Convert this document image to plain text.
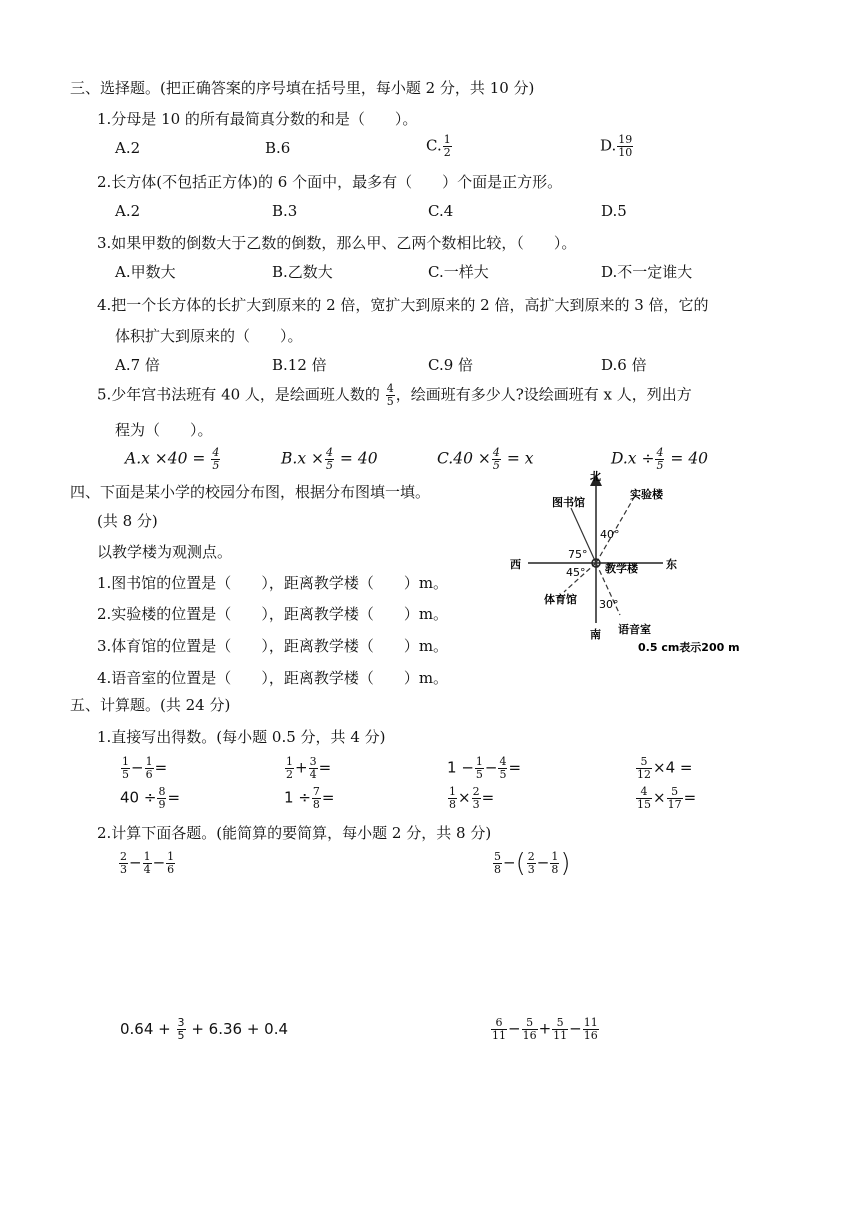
三、选择题。(把正确答案的序号填在括号里，每小题 2 分，共 10 分)
1.分母是 10 的所有最简真分数的和是（　　）。
A.2	B.6	C. $\frac{1}{2}$	D. $\frac{19}{10}$
2.长方体(不包括正方体)的 6 个面中，最多有（　　）个面是正方形。
A.2	B.3	C.4	D.5
3.如果甲数的倒数大于乙数的倒数，那么甲、乙两个数相比较，（　　）。
A.甲数大	B.乙数大	C.一样大	D.不一定谁大
4.把一个长方体的长扩大到原来的 2 倍，宽扩大到原来的 2 倍，高扩大到原来的 3 倍，它的
体积扩大到原来的（　　）。
A.7 倍	B.12 倍	C.9 倍	D.6 倍
5.少年宫书法班有 40 人，是绘画班人数的 $\frac{4}{5}$ ，绘画班有多少人?设绘画班有 x 人，列出方
程为（　　）。
$A.x \times 40 = \frac{4}{5}$	$B.x \times \frac{4}{5} = 40$	$C.40 \times \frac{4}{5} = x$	$D.x \div \frac{4}{5} = 40$
四、下面是某小学的校园分布图，根据分布图填一填。
(共 8 分)
以教学楼为观测点。
1.图书馆的位置是（　　），距离教学楼（　　）m。
2.实验楼的位置是（　　），距离教学楼（　　）m。
3.体育馆的位置是（　　），距离教学楼（　　）m。
4.语音室的位置是（　　），距离教学楼（　　）m。
北
南
东
西
图书馆
实验楼
体育馆
语音室
教学楼
40°
75°
45°
30°
0.5 cm表示200 m
五、计算题。(共 24 分)
1.直接写出得数。(每小题 0.5 分，共 4 分)
$\frac{1}{5} - \frac{1}{6}$ =	$\frac{1}{2} + \frac{3}{4}$ =	$1 - \frac{1}{5} - \frac{4}{5}$ =	$\frac{5}{12} \times 4$ =
$40 \div \frac{8}{9}$ =	$1 \div \frac{7}{8}$ =	$\frac{1}{8} \times \frac{2}{3}$ =	$\frac{4}{15} \times \frac{5}{17}$ =
2.计算下面各题。(能简算的要简算，每小题 2 分，共 8 分)
$\frac{2}{3} - \frac{1}{4} - \frac{1}{6}$	$\frac{5}{8}$ −( $\frac{2}{3} - \frac{1}{8}$ )
$0.64 + \frac{3}{5} + 6.36 + 0.4$	$\frac{6}{11} - \frac{5}{16} + \frac{5}{11} - \frac{11}{16}$
